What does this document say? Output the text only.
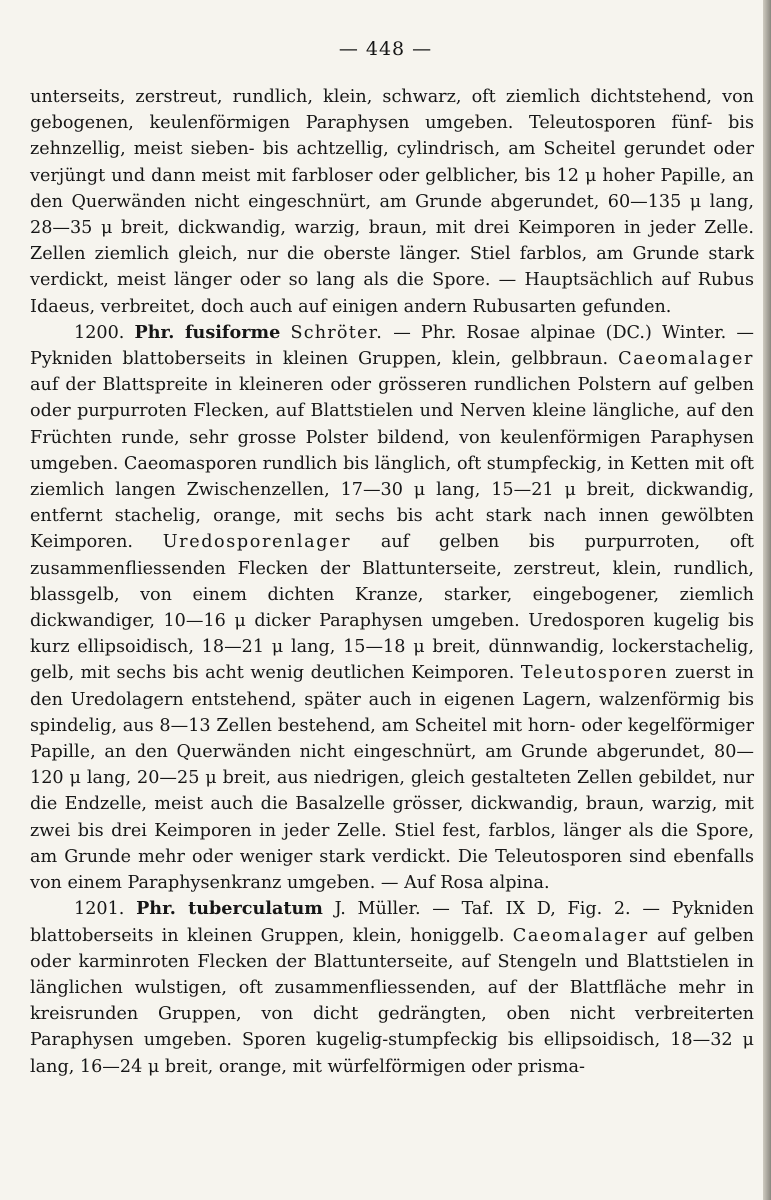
— 448 —

unterseits, zerstreut, rundlich, klein, schwarz, oft ziemlich dichtstehend, von gebogenen, keulenförmigen Paraphysen umgeben. Teleutosporen fünf- bis zehnzellig, meist sieben- bis achtzellig, cylindrisch, am Scheitel gerundet oder verjüngt und dann meist mit farbloser oder gelblicher, bis 12 μ hoher Papille, an den Querwänden nicht eingeschnürt, am Grunde abgerundet, 60—135 μ lang, 28—35 μ breit, dickwandig, warzig, braun, mit drei Keimporen in jeder Zelle. Zellen ziemlich gleich, nur die oberste länger. Stiel farblos, am Grunde stark verdickt, meist länger oder so lang als die Spore. — Hauptsächlich auf Rubus Idaeus, verbreitet, doch auch auf einigen andern Rubusarten gefunden.

1200. Phr. fusiforme Schröter. — Phr. Rosae alpinae (DC.) Winter. — Pykniden blattoberseits in kleinen Gruppen, klein, gelbbraun. Caeomalager auf der Blattspreite in kleineren oder grösseren rundlichen Polstern auf gelben oder purpurroten Flecken, auf Blattstielen und Nerven kleine längliche, auf den Früchten runde, sehr grosse Polster bildend, von keulenförmigen Paraphysen umgeben. Caeomasporen rundlich bis länglich, oft stumpfeckig, in Ketten mit oft ziemlich langen Zwischenzellen, 17—30 μ lang, 15—21 μ breit, dickwandig, entfernt stachelig, orange, mit sechs bis acht stark nach innen gewölbten Keimporen. Uredosporenlager auf gelben bis purpurroten, oft zusammenfliessenden Flecken der Blattunterseite, zerstreut, klein, rundlich, blassgelb, von einem dichten Kranze, starker, eingebogener, ziemlich dickwandiger, 10—16 μ dicker Paraphysen umgeben. Uredosporen kugelig bis kurz ellipsoidisch, 18—21 μ lang, 15—18 μ breit, dünnwandig, lockerstachelig, gelb, mit sechs bis acht wenig deutlichen Keimporen. Teleutosporen zuerst in den Uredolagern entstehend, später auch in eigenen Lagern, walzenförmig bis spindelig, aus 8—13 Zellen bestehend, am Scheitel mit horn- oder kegelförmiger Papille, an den Querwänden nicht eingeschnürt, am Grunde abgerundet, 80—120 μ lang, 20—25 μ breit, aus niedrigen, gleich gestalteten Zellen gebildet, nur die Endzelle, meist auch die Basalzelle grösser, dickwandig, braun, warzig, mit zwei bis drei Keimporen in jeder Zelle. Stiel fest, farblos, länger als die Spore, am Grunde mehr oder weniger stark verdickt. Die Teleutosporen sind ebenfalls von einem Paraphysenkranz umgeben. — Auf Rosa alpina.

1201. Phr. tuberculatum J. Müller. — Taf. IX D, Fig. 2. — Pykniden blattoberseits in kleinen Gruppen, klein, honiggelb. Caeomalager auf gelben oder karminroten Flecken der Blattunterseite, auf Stengeln und Blattstielen in länglichen wulstigen, oft zusammenfliessenden, auf der Blattfläche mehr in kreisrunden Gruppen, von dicht gedrängten, oben nicht verbreiterten Paraphysen umgeben. Sporen kugelig-stumpfeckig bis ellipsoidisch, 18—32 μ lang, 16—24 μ breit, orange, mit würfelförmigen oder prisma-
